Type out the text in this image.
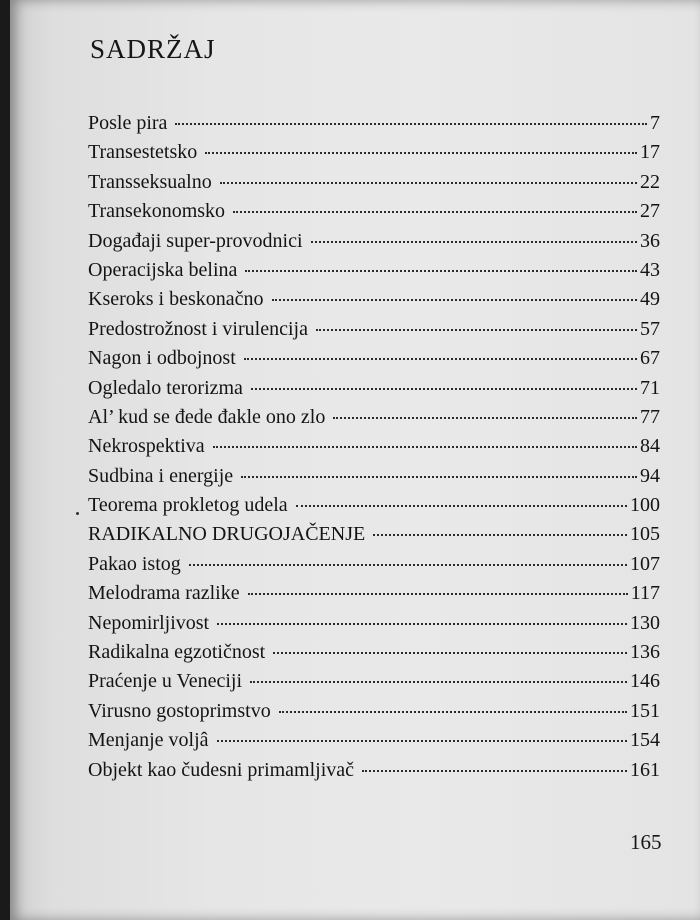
SADRŽAJ
Posle pira	7
Transestetsko	17
Transseksualno	22
Transekonomsko	27
Događaji super-provodnici	36
Operacijska belina	43
Kseroks i beskonačno	49
Predostrožnost i virulencija	57
Nagon i odbojnost	67
Ogledalo terorizma	71
Al’ kud se đede đakle ono zlo	77
Nekrospektiva	84
Sudbina i energije	94
Teorema prokletog udela	100
RADIKALNO DRUGOJAČENJE	105
Pakao istog	107
Melodrama razlike	117
Nepomirljivost	130
Radikalna egzotičnost	136
Praćenje u Veneciji	146
Virusno gostoprimstvo	151
Menjanje voljâ	154
Objekt kao čudesni primamljivač	161
165
